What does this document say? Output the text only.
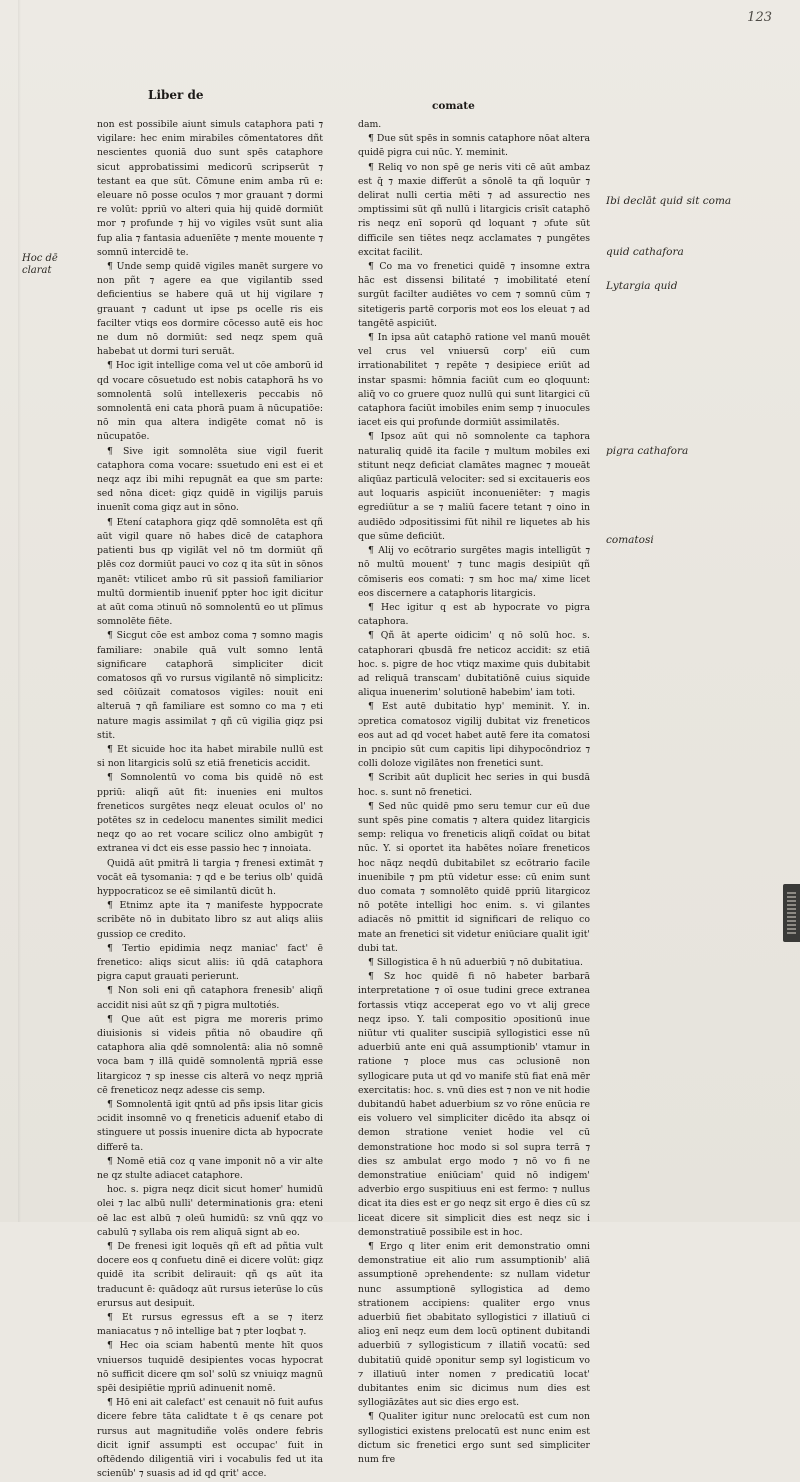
123
Liber de
comate

non est possibile aiunt simuls cataphora pati ⁊ vigilare: hec enim mirabiles cōmentatores dñt nescientes quoniā duo sunt spēs cataphore sicut approbatissimi medicorū scripserūt ⁊ testant ea que sūt. Cōmune enim amba rū e: eleuare nō posse oculos ⁊ mor grauant ⁊ dormi re volūt: ppriū vo alteri quia hij quidē dormiūt mor ⁊ profunde ⁊ hij vo vigiles vsūt sunt alia fup alia ⁊ fantasia aduenīēte ⁊ mente mouente ⁊ somnū intercidē te.

¶ Unde semp quidē vigiles manēt surgere vo non pñt ⁊ agere ea que vigilantib ssed deficientius se habere quā ut hij vigilare ⁊ grauant ⁊ cadunt ut ipse ps ocelle ris eis facilter vtiqs eos dormire cōcesso autē eis hoc ne dum nō dormiūt: sed neqz spem quā habebat ut dormi turi seruāt.

¶ Hoc igit intellige coma vel ut cōe amborū id qd vocare cōsuetudo est nobis cataphorā hs vo somnolentā solū intellexeris peccabis nō somnolentā eni cata phorā puam ā nūcupatiōe: nō min qua altera indigēte comat nō is nūcupatōe.

¶ Sive igit somnolēta siue vigil fuerit cataphora coma vocare: ssuetudo eni est ei et neqz aqz ibi mihi repugnāt ea que sm parte: sed nōna dicet: giqz quidē in vigilijs paruis inuenīt coma giqz aut in sōno.

¶ Etení cataphora giqz qdē somnolēta est qñ aūt vigil quare nō habes dicē de cataphora patienti bus qp vigilāt vel nō tm dormiūt qñ plēs coz dormiūt pauci vo coz q ita sūt in sōnos ɱanēt: vtilicet ambo rū sit passioñ familiarior multū dormientib inueniť ppter hoc igit dicitur at aūt coma ɔtinuū nō somnolentū eo ut plīmus somnolēte fiēte.

¶ Sicgut cōe est amboz coma ⁊ somno magis familiare: ɔnabile quā vult somno lentā significare cataphorā simpliciter dicit comatosos qñ vo rursus vigilantē nō simplicitz: sed cōiūzait comatosos vigiles: nouit eni alteruā ⁊ qñ familiare est somno co ma ⁊ eti nature magis assimilat ⁊ qñ cū vigilia giqz psi stit.

¶ Et sicuide hoc ita habet mirabile nullū est si non litargicis solū sz etiā freneticis accidit.

¶ Somnolentū vo coma bis quidē nō est ppriū: aliqñ aūt fit: inuenies eni multos freneticos surgētes neqz eleuat oculos ol' no potētes sz in cedelocu manentes similit medici neqz qo ao ret vocare scilicz olno ambigūt ⁊ extranea vi dct eis esse passio hec ⁊ innoiata.

Quidā aūt pmitrā li targia ⁊ frenesi extimāt ⁊ vocāt eā tysomania: ⁊ qd e be terius olb' quidā hyppocraticoz se eē similantū dicūt h.

¶ Etnimz apte ita ⁊ manifeste hyppocrate scribēte nō in dubitato libro sz aut aliqs aliis gussiop ce credito.

¶ Tertio epidimia neqz maniac' fact' ē frenetico: aliqs sicut aliis: iū qdā cataphora pigra caput grauati perierunt.

¶ Non soli eni qñ cataphora frenesib' aliqñ accidit nisi aūt sz qñ ⁊ pigra multotiés.

¶ Que aūt est pigra me moreris primo diuisionis si videis pñtia nō obaudire qñ cataphora alia qdē somnolentā: alia nō somnē voca bam ⁊ illā quidē somnolentā ɱpriā esse litargicoz ⁊ sp inesse cis alterā vo neqz ɱpriā cē freneticoz neqz adesse cis semp.

¶ Somnolentā igit qntū ad pñs ipsis litar gicis ɔcidit insomnē vo q freneticis adueniť etabo di stinguere ut possis inuenire dicta ab hypocrate differē ta.

¶ Nomē etiā coz q vane imponit nō a vir alte ne qz stulte adiacet cataphore.

hoc. s. pigra neqz dicit sicut homer' humidū olei ⁊ lac albū nulli' determinationis gra: eteni oē lac est albū ⁊ oleū humidū: sz vnū qqz vo cabulū ⁊ syllaba ois rem aliquā signt ab eo.

¶ De frenesi igit loquēs qñ eft ad pñtia vult docere eos q confuetu dinē ei dicere volūt: giqz quidē ita scribit delirauit: qñ qs aūt ita traducunt ē: quādoqz aūt rursus ieterūse lo cūs erursus aut desipuit.

¶ Et rursus egressus eft a se ⁊ iterz maniacatus ⁊ nō intellige bat ⁊ pter loqbat ⁊.

¶ Hec oia sciam habentū mente hīt quos vniuersos tuquidē desipientes vocas hypocrat nō sufficit dicere qm sol' solū sz vniuiqz magnū spēi desipiētie ɱpriū adinuenit nomē.

¶ Hō eni ait calefact' est cenauit nō fuit aufus dicere febre tāta calidtate t ē qs cenare pot rursus aut magnitudiñe volēs ondere febris dicit ignif assumpti est occupac' fuit in oftēdendo diligentiā viri i vocabulis fed ut ita scienūb' ⁊ suasis ad id qd qrit' acce.

dam.

¶ Due sūt spēs in somnis cataphore nōat altera quidē pigra cui nūc. Y. meminit.

¶ Reliq vo non spē ge neris viti cē aūt ambaz est q̄ ⁊ maxie differūt a sōnolē ta qñ loquūr ⁊ delirat nulli certia mēti ⁊ ad assurectio nes ɔmptissimi sūt qñ nullū i litargicis crisīt cataphō ris neqz enī soporū qd loquant ⁊ ɔfute sūt difficile sen tiētes neqz acclamates ⁊ pungētes excitat facilit.

¶ Co ma vo frenetici quidē ⁊ insomne extra hāc est dissensi bilitaté ⁊ imobilitaté etení surgūt facilter audiētes vo cem ⁊ somnū cūm ⁊ sitetigeris partē corporis mot eos los eleuat ⁊ ad tangētē aspiciūt.

¶ In ipsa aūt cataphō ratione vel manū mouēt vel crus vel vniuersū corp' eiū cum irrationabilitet ⁊ repēte ⁊ desipiece eriūt ad instar spasmi: hōmnia faciūt cum eo qloquunt: aliq̄ vo co gruere quoz nullū qui sunt litargici cū cataphora faciūt imobiles enim semp ⁊ inuocules iacet eis qui profunde dormiūt assimilatēs.

¶ Ipsoz aūt qui nō somnolente ca taphora naturaliq quidē ita facile ⁊ multum mobiles exi stitunt neqz deficiat clamātes magnec ⁊ moueāt aliqūaz particulā velociter: sed si excitaueris eos aut loquaris aspiciūt inconueniēter: ⁊ magis egrediūtur a se ⁊ maliū facere tetant ⁊ oino in audiēdo ɔdpositissimi fūt nihil re liquetes ab his que sūme deficiūt.

¶ Alij vo ecōtrario surgētes magis intelligūt ⁊ nō multū mouent' ⁊ tunc magis desipiūt qñ cōmiseris eos comati: ⁊ sm hoc ma/ xime licet eos discernere a cataphoris litargicis.

¶ Hec igitur q est ab hypocrate vo pigra cataphora.

¶ Qñ āt aperte oidicim' q nō solū hoc. s. cataphorari qbusdā fre neticoz accidit: sz etiā hoc. s. pigre de hoc vtiqz maxime quis dubitabit ad reliquā transcam' dubitatiōnē cuius siquide aliqua inuenerim' solutionē habebim' iam toti.

¶ Est autē dubitatio hyp' meminit. Y. in. ɔpretica comatosoz vigilij dubitat viz freneticos eos aut ad qd vocet habet autē fere ita comatosi in pncipio sūt cum capitis lipi dihypocōndrioz ⁊ colli doloze vigilātes non frenetici sunt.

¶ Scribit aūt duplicit hec series in qui busdā hoc. s. sunt nō frenetici.

¶ Sed nūc quidē pmo seru temur cur eū due sunt spēs pine comatis ⁊ altera quidez litargicis semp: reliqua vo freneticis aliqñ coīdat ou bitat nūc. Y. si oportet ita habētes noīare freneticos hoc nāqz neqdū dubitabilet sz ecōtrario facile inuenibile ⁊ pm ptū videtur esse: cū enim sunt duo comata ⁊ somnolēto quidē ppriū litargicoz nō potēte intelligi hoc enim. s. vi gilantes adiacēs nō pmittit id significari de reliquo co mate an frenetici sit videtur eniūciare qualit igit' dubi tat.

¶ Sillogistica ē h nū aduerbiū ⁊ nō dubitatiua.

¶ Sz hoc quidē fi nō habeter barbarā interpretatione ⁊ oī osue tudini grece extranea fortassis vtiqz acceperat ego vo vt alij grece neqz ipso. Y. tali compositio ɔpositionū inue niūtur vti qualiter suscipiā syllogistici esse nū aduerbiū ante eni quā assumptionib' vtamur in ratione ⁊ ploce mus cas ɔclusionē non syllogicare puta ut qd vo manife stū fiat enā mēr exercitatis: hoc. s. vnū dies est ⁊ non ve nit hodie dubitandū habet aduerbium sz vo rōne enūcia re eis voluero vel simpliciter dicēdo ita absqz oi demon stratione veniet hodie vel cū demonstratione hoc modo si sol supra terrā ⁊ dies sz ambulat ergo modo ⁊ nō vo fi ne demonstratiue eniūciam' quid nō indigem' adverbio ergo suspitiuus eni est fermo: ⁊ nullus dicat ita dies est er go neqz sit ergo ē dies cū sz liceat dicere sit simplicit dies est neqz sic i demonstratiuē possibile est in hoc.

¶ Ergo q liter enim erit demonstratio omni demonstratiue eit alio rum assumptionib' aliā assumptionē ɔprehendente: sz nullam videtur nunc assumptionē syllogistica ad demo strationem accipiens: qualiter ergo vnus aduerbiū fiet ɔbabitato syllogistici ⁊ illatiuū ci alioꝫ enī neqz eum dem locū optinent dubitandi aduerbiū ⁊ syllogisticum ⁊ illatiñ vocatū: sed dubitatiū quidē ɔponitur semp syl logisticum vo ⁊ illatiuū inter nomen ⁊ predicatiū locat' dubitantes enim sic dicimus num dies est syllogiāzātes aut sic dies ergo est.

¶ Qualiter igitur nunc ɔrelocatū est cum non syllogistici existens prelocatū est nunc enim est dictum sic frenetici ergo sunt sed simpliciter num fre

Hoc dē
clarat
Ibi declāt quid sit coma
quid cathafora
Lytargia quid
pigra cathafora
comatosi
